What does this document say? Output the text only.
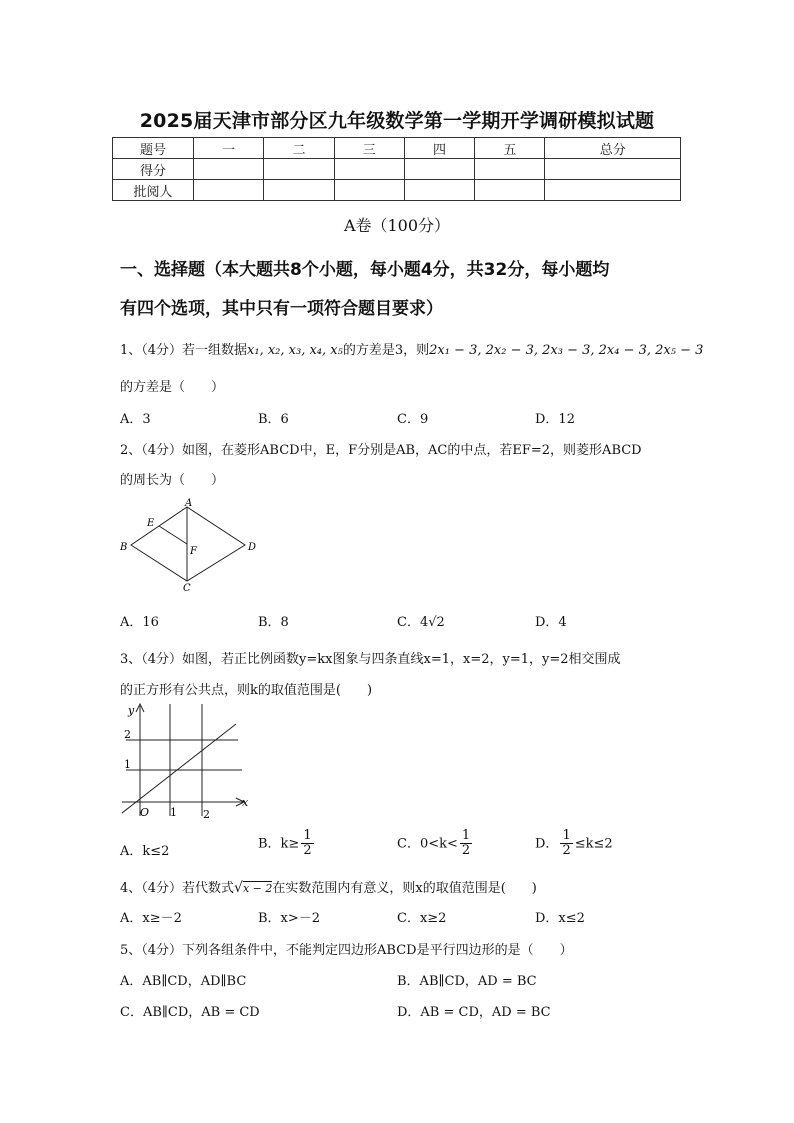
2025届天津市部分区九年级数学第一学期开学调研模拟试题
题号	一	二	三	四	五	总分
得分						
批阅人						
A卷（100分）
一、选择题（本大题共8个小题，每小题4分，共32分，每小题均
有四个选项，其中只有一项符合题目要求）
1、（4分）若一组数据x₁, x₂, x₃, x₄, x₅的方差是3，则2x₁ − 3, 2x₂ − 3, 2x₃ − 3, 2x₄ − 3, 2x₅ − 3
的方差是（　　）
A．3	B．6	C．9	D．12
2、（4分）如图，在菱形ABCD中，E，F分别是AB，AC的中点，若EF=2，则菱形ABCD
的周长为（　　）
A
B
C
D
E
F
A．16	B．8	C．4√2	D．4
3、（4分）如图，若正比例函数y=kx图象与四条直线x=1，x=2，y=1，y=2相交围成
的正方形有公共点，则k的取值范围是(　　)
y
x
O 1 2
1
2
A．k≤2
B．$k\ge \frac{1}{2}$	C．$0<k< \frac{1}{2}$	D． $\frac{1}{2} \le k\le 2$
4、（4分）若代数式√x − 2在实数范围内有意义，则x的取值范围是(　　)
A．x≥－2	B．x>－2	C．x≥2	D．x≤2
5、（4分）下列各组条件中，不能判定四边形ABCD是平行四边形的是（　　）
A．AB∥CD，AD∥BC	B．AB∥CD，AD = BC
C．AB∥CD，AB = CD	D．AB = CD，AD = BC
